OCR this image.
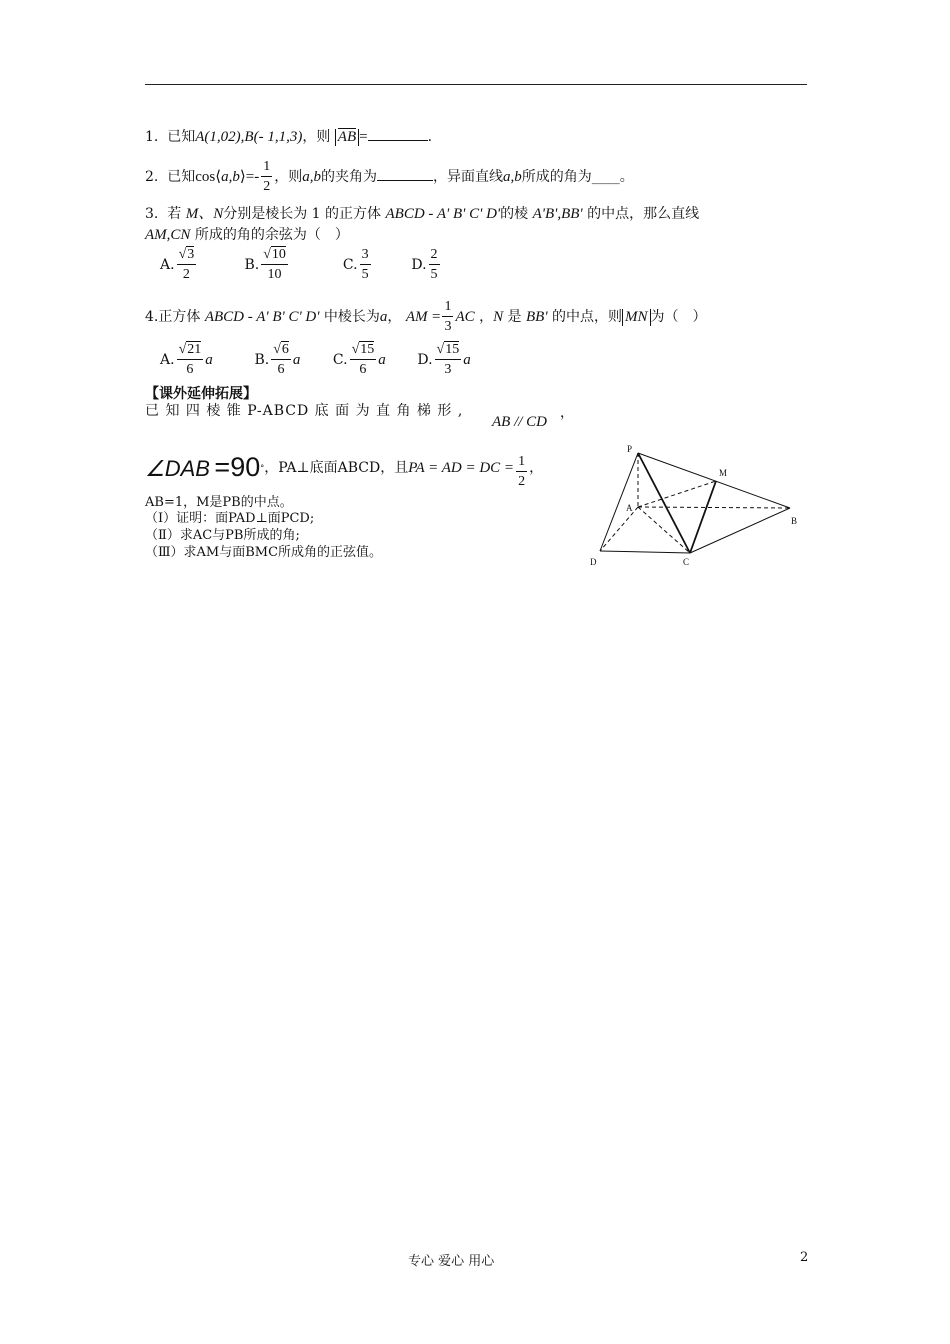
1. 已知A(1,02),B(- 1,1,3)，则 AB =	.
2. 已知cos⟨a,b⟩=- $\frac{1}{2}$ ，则a,b的夹角为	，异面直线a,b所成的角为____。
3. 若 M、N分别是棱长为 1 的正方体 ABCD - A' B' C' D'的棱 A'B',BB' 的中点，那么直线
AM,CN 所成的角的余弦为（　）
A. $\frac{√3}{2}$	B. $\frac{√10}{10}$	C. $\frac{3}{5}$	D. $\frac{2}{5}$
4.正方体 ABCD - A' B' C' D' 中棱长为a， AM = $\frac{1}{3}$ AC ，N 是 BB' 的中点，则 MN 为（　）
A. $\frac{√21}{6}$ a	B. $\frac{√6}{6}$ a C. $\frac{√15}{6}$ a D. $\frac{√15}{3}$ a
【课外延伸拓展】
已 知 四 棱 锥 P-ABCD 底 面 为 直 角 梯 形 ,
AB // CD
，
∠DAB =90°，PA⊥底面ABCD，且PA = AD = DC = $\frac{1}{2}$ ，
AB=1，M是PB的中点。
（Ⅰ）证明：面PAD⊥面PCD;
（Ⅱ）求AC与PB所成的角;
（Ⅲ）求AM与面BMC所成角的正弦值。
P
M
A
B
C
D
专心 爱心 用心	2
